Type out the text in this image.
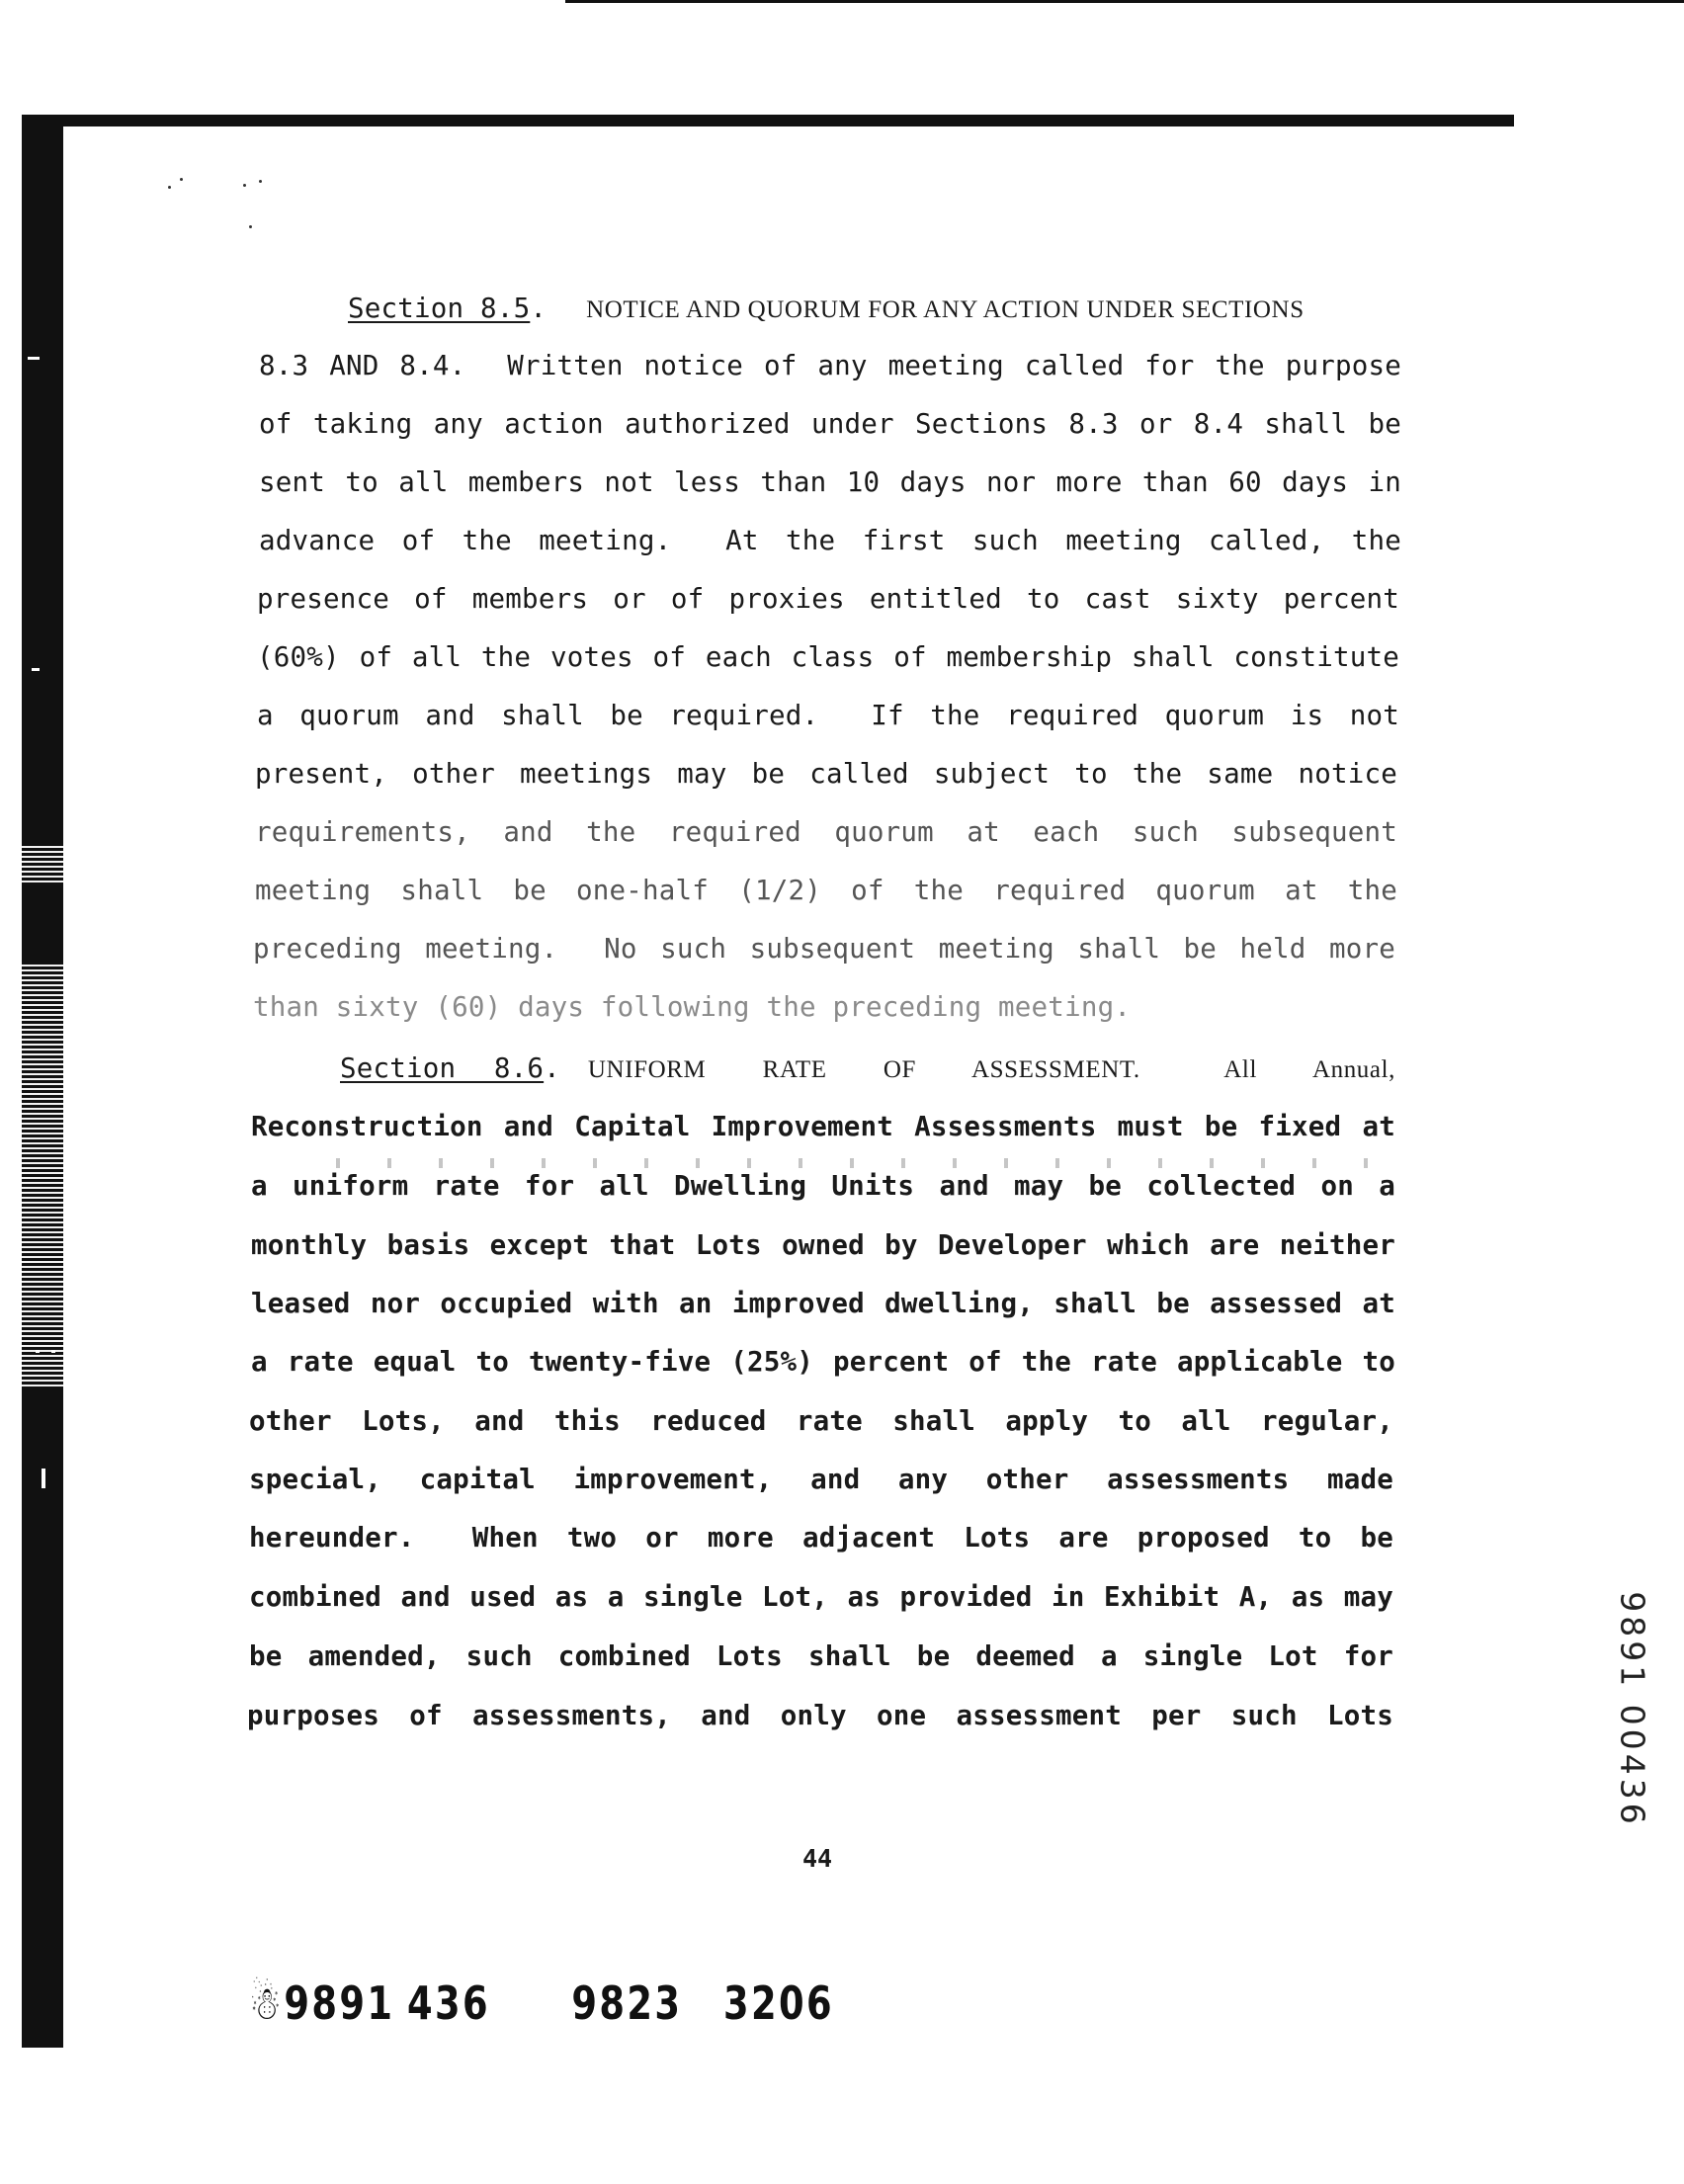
Section 8.5. NOTICE AND QUORUM FOR ANY ACTION UNDER SECTIONS
8.3 AND 8.4.  Written notice of any meeting called for the purpose
of taking any action authorized under Sections 8.3 or 8.4 shall be
sent to all members not less than 10 days nor more than 60 days in
advance of the meeting.  At the first such meeting called, the
presence of members or of proxies entitled to cast sixty percent
(60%) of all the votes of each class of membership shall constitute
a quorum and shall be required.  If the required quorum is not
present, other meetings may be called subject to the same notice
requirements, and the required quorum at each such subsequent
meeting shall be one-half (1/2) of the required quorum at the
preceding meeting.  No such subsequent meeting shall be held more
than sixty (60) days following the preceding meeting.
Section 8.6. UNIFORM  RATE  OF  ASSESSMENT.   All  Annual,
Reconstruction and Capital Improvement Assessments must be fixed at
a uniform rate for all Dwelling Units and may be collected on a
monthly basis except that Lots owned by Developer which are neither
leased nor occupied with an improved dwelling, shall be assessed at
a rate equal to twenty-five (25%) percent of the rate applicable to
other Lots, and this reduced rate shall apply to all regular,
special, capital improvement, and any other assessments made
hereunder.  When two or more adjacent Lots are proposed to be
combined and used as a single Lot, as provided in Exhibit A, as may
be amended, such combined Lots shall be deemed a single Lot for
purposes of assessments, and only one assessment per such Lots
44
☃9891 436 9823 3206
9891 00436
